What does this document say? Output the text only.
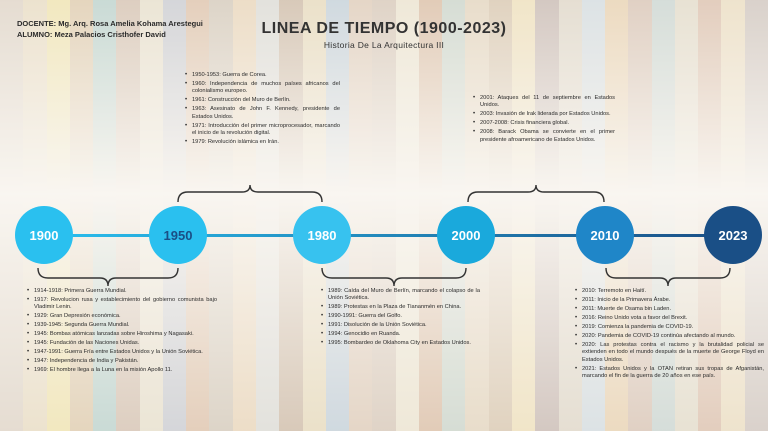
DOCENTE: Mg. Arq. Rosa Amelia Kohama Arestegui
ALUMNO: Meza Palacios Cristhofer David	LINEA DE TIEMPO (1900-2023)

Historia De La Arquitectura III

1900	1950	1980	2000	2010	2023
• 1950-1953: Guerra de Corea.
• 1960: Independencia de muchos países africanos del colonialismo europeo.
• 1961: Construcción del Muro de Berlín.
• 1963: Asesinato de John F. Kennedy, presidente de Estados Unidos.
• 1971: Introducción del primer microprocesador, marcando el inicio de la revolución digital.
• 1979: Revolución islámica en Irán.
• 2001: Ataques del 11 de septiembre en Estados Unidos.
• 2003: Invasión de Irak liderada por Estados Unidos.
• 2007-2008: Crisis financiera global.
• 2008: Barack Obama se convierte en el primer presidente afroamericano de Estados Unidos.
• 1914-1918: Primera Guerra Mundial.
• 1917: Revolucion rusa y establecimiento del gobierno comunista bajo Vladimir Lenin.
• 1929: Gran Depresión económica.
• 1939-1945: Segunda Guerra Mundial.
• 1945: Bombas atómicas lanzadas sobre Hiroshima y Nagasaki.
• 1945: Fundación de las Naciones Unidas.
• 1947-1991: Guerra Fría entre Estados Unidos y la Unión Soviética.
• 1947: Independencia de India y Pakistán.
• 1969: El hombre llega a la Luna en la misión Apollo 11.
• 1989: Caída del Muro de Berlín, marcando el colapso de la Unión Soviética.
• 1989: Protestas en la Plaza de Tiananmén en China.
• 1990-1991: Guerra del Golfo.
• 1991: Disolución de la Unión Soviética.
• 1994: Genocidio en Ruanda.
• 1995: Bombardeo de Oklahoma City en Estados Unidos.
• 2010: Terremoto en Haití.
• 2011: Inicio de la Primavera Árabe.
• 2011: Muerte de Osama bin Laden.
• 2016: Reino Unido vota a favor del Brexit.
• 2019: Comienza la pandemia de COVID-19.
• 2020: Pandemia de COVID-19 continúa afectando al mundo.
• 2020: Las protestas contra el racismo y la brutalidad policial se extienden en todo el mundo después de la muerte de George Floyd en Estados Unidos.
• 2021: Estados Unidos y la OTAN retiran sus tropas de Afganistán, marcando el fin de la guerra de 20 años en ese país.
